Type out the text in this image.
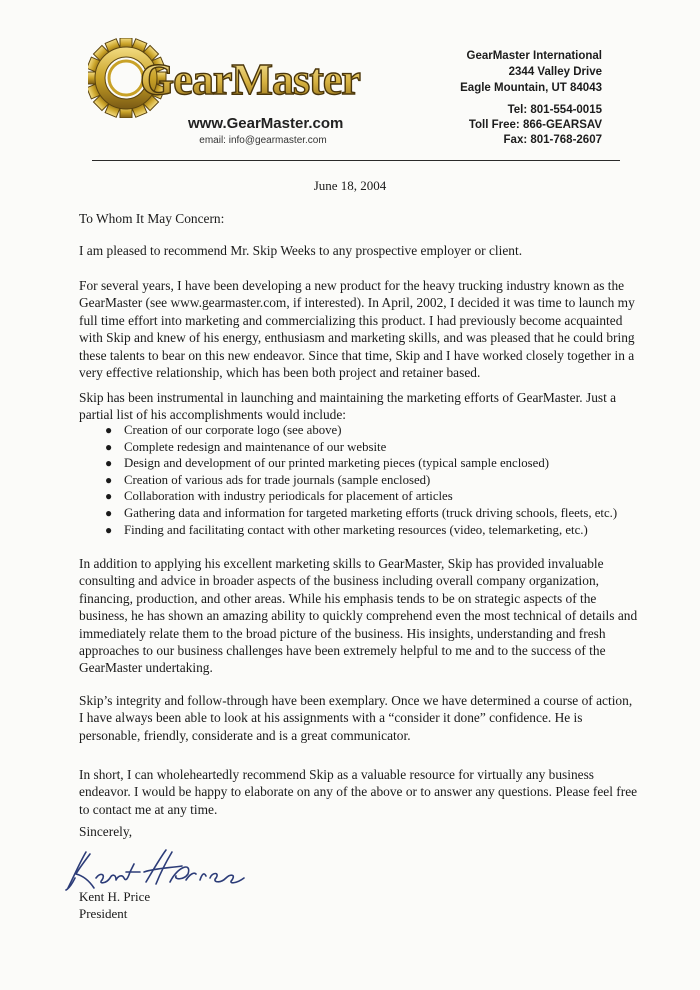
GearMaster
www.GearMaster.com
email: info@gearmaster.com
GearMaster International
2344 Valley Drive
Eagle Mountain, UT 84043
Tel: 801-554-0015
Toll Free: 866-GEARSAV
Fax: 801-768-2607
June 18, 2004
To Whom It May Concern:
I am pleased to recommend Mr. Skip Weeks to any prospective employer or client.
For several years, I have been developing a new product for the heavy trucking industry known as the GearMaster (see www.gearmaster.com, if interested). In April, 2002, I decided it was time to launch my full time effort into marketing and commercializing this product. I had previously become acquainted with Skip and knew of his energy, enthusiasm and marketing skills, and was pleased that he could bring these talents to bear on this new endeavor. Since that time, Skip and I have worked closely together in a very effective relationship, which has been both project and retainer based.
Skip has been instrumental in launching and maintaining the marketing efforts of GearMaster. Just a partial list of his accomplishments would include:
● Creation of our corporate logo (see above)
● Complete redesign and maintenance of our website
● Design and development of our printed marketing pieces (typical sample enclosed)
● Creation of various ads for trade journals (sample enclosed)
● Collaboration with industry periodicals for placement of articles
● Gathering data and information for targeted marketing efforts (truck driving schools, fleets, etc.)
● Finding and facilitating contact with other marketing resources (video, telemarketing, etc.)
In addition to applying his excellent marketing skills to GearMaster, Skip has provided invaluable consulting and advice in broader aspects of the business including overall company organization, financing, production, and other areas. While his emphasis tends to be on strategic aspects of the business, he has shown an amazing ability to quickly comprehend even the most technical of details and immediately relate them to the broad picture of the business. His insights, understanding and fresh approaches to our business challenges have been extremely helpful to me and to the success of the GearMaster undertaking.
Skip’s integrity and follow-through have been exemplary. Once we have determined a course of action, I have always been able to look at his assignments with a “consider it done” confidence. He is personable, friendly, considerate and is a great communicator.
In short, I can wholeheartedly recommend Skip as a valuable resource for virtually any business endeavor. I would be happy to elaborate on any of the above or to answer any questions. Please feel free to contact me at any time.
Sincerely,
Kent H. Price
President
